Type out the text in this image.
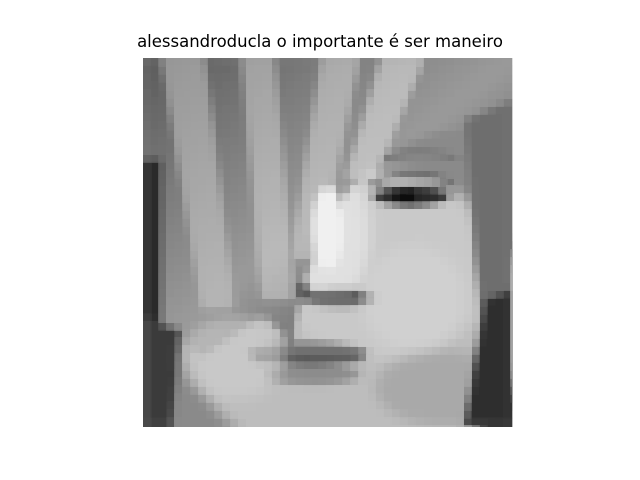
alessandroducla o importante é ser maneiro
